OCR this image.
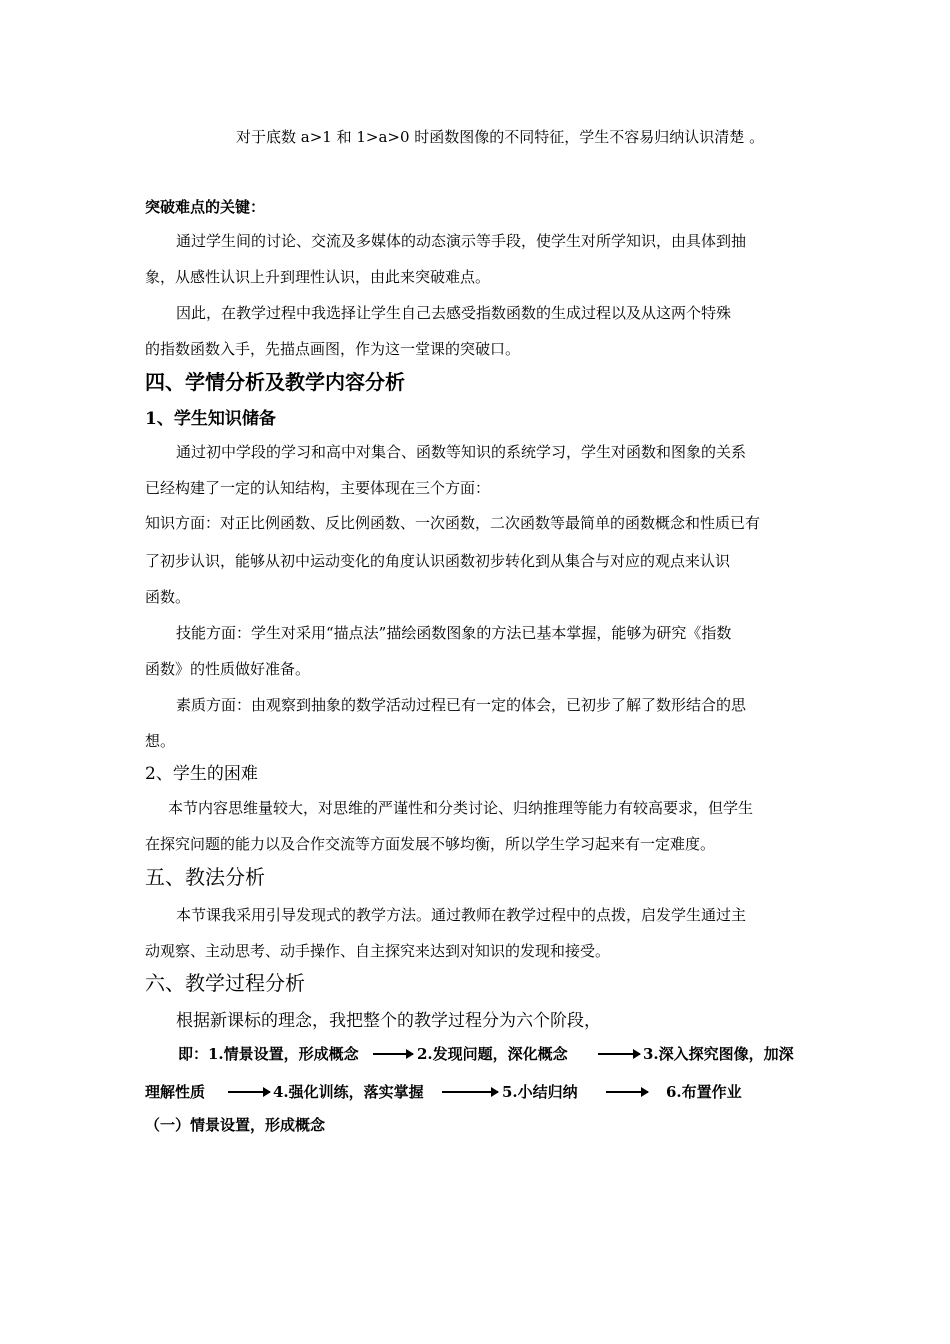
对于底数 a>1 和 1>a>0 时函数图像的不同特征，学生不容易归纳认识清楚 。
突破难点的关键：
通过学生间的讨论、交流及多媒体的动态演示等手段，使学生对所学知识，由具体到抽
象，从感性认识上升到理性认识，由此来突破难点。
因此，在教学过程中我选择让学生自己去感受指数函数的生成过程以及从这两个特殊
的指数函数入手，先描点画图，作为这一堂课的突破口。
四、学情分析及教学内容分析
1、学生知识储备
通过初中学段的学习和高中对集合、函数等知识的系统学习，学生对函数和图象的关系
已经构建了一定的认知结构，主要体现在三个方面：
知识方面：对正比例函数、反比例函数、一次函数，二次函数等最简单的函数概念和性质已有
了初步认识，能够从初中运动变化的角度认识函数初步转化到从集合与对应的观点来认识
函数。
技能方面：学生对采用“描点法”描绘函数图象的方法已基本掌握，能够为研究《指数
函数》的性质做好准备。
素质方面：由观察到抽象的数学活动过程已有一定的体会，已初步了解了数形结合的思
想。
2、学生的困难
本节内容思维量较大，对思维的严谨性和分类讨论、归纳推理等能力有较高要求，但学生
在探究问题的能力以及合作交流等方面发展不够均衡，所以学生学习起来有一定难度。
五、教法分析
本节课我采用引导发现式的教学方法。通过教师在教学过程中的点拨，启发学生通过主
动观察、主动思考、动手操作、自主探究来达到对知识的发现和接受。
六、教学过程分析
根据新课标的理念，我把整个的教学过程分为六个阶段，
即：1.情景设置，形成概念	2.发现问题，深化概念	3.深入探究图像，加深
理解性质	4.强化训练，落实掌握	5.小结归纳	6.布置作业
（一）情景设置，形成概念
